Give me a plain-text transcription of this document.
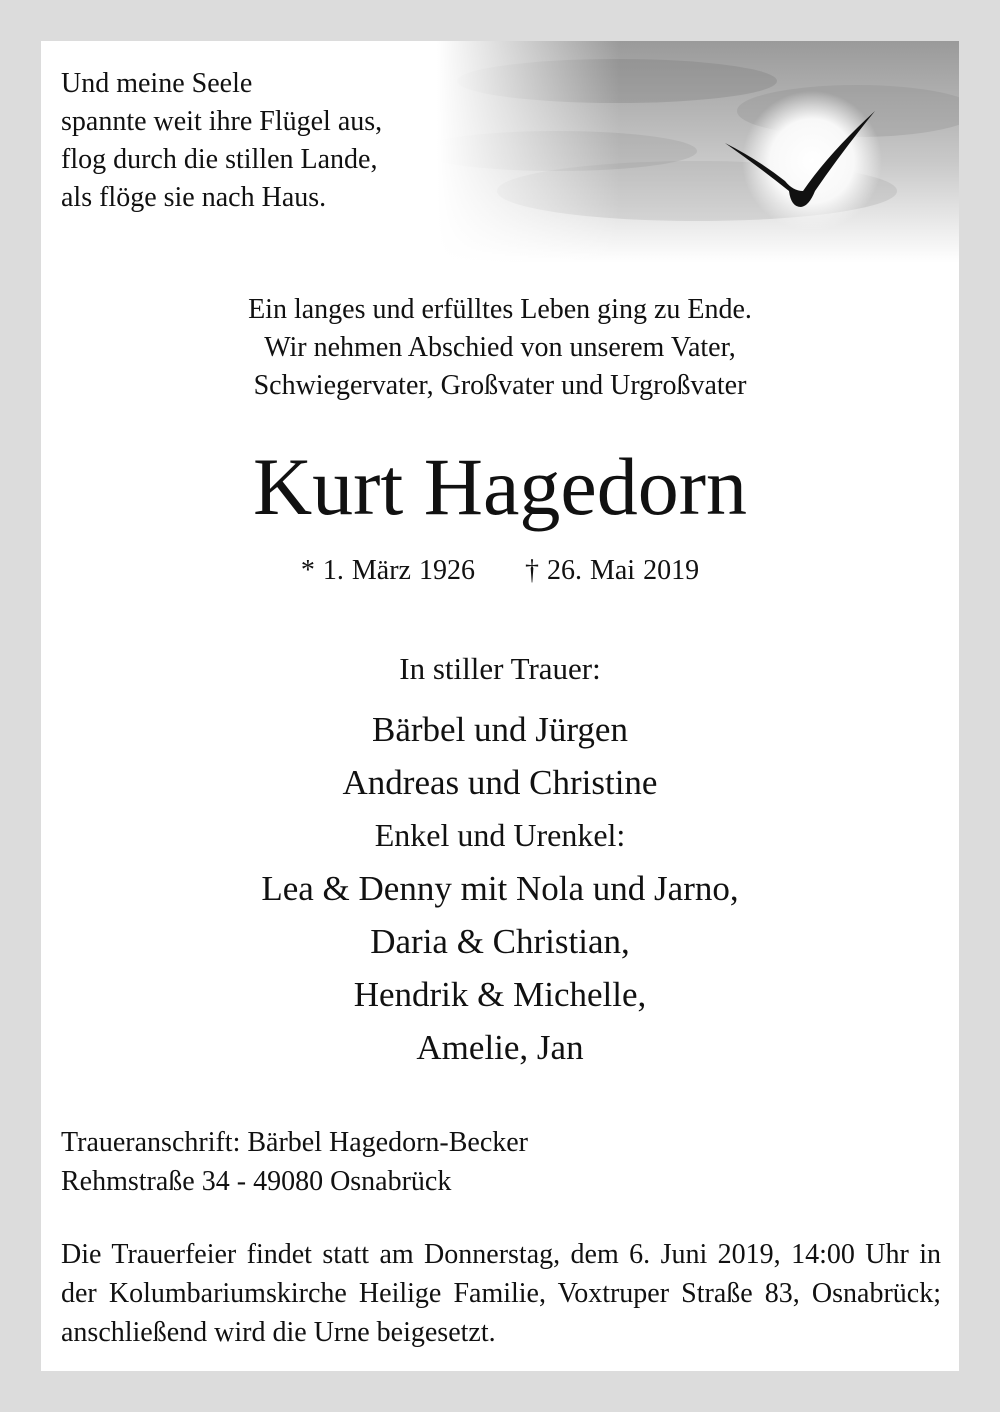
Und meine Seele
spannte weit ihre Flügel aus,
flog durch die stillen Lande,
als flöge sie nach Haus.
Ein langes und erfülltes Leben ging zu Ende.
Wir nehmen Abschied von unserem Vater,
Schwiegervater, Großvater und Urgroßvater
Kurt Hagedorn
* 1. März 1926 † 26. Mai 2019
In stiller Trauer:
Bärbel und Jürgen
Andreas und Christine
Enkel und Urenkel:
Lea & Denny mit Nola und Jarno,
Daria & Christian,
Hendrik & Michelle,
Amelie, Jan
Traueranschrift: Bärbel Hagedorn-Becker
Rehmstraße 34 - 49080 Osnabrück
Die Trauerfeier findet statt am Donnerstag, dem 6. Juni 2019, 14:00 Uhr in der Kolumbariumskirche Heilige Familie, Voxtruper Straße 83, Osnabrück; anschließend wird die Urne beigesetzt.
